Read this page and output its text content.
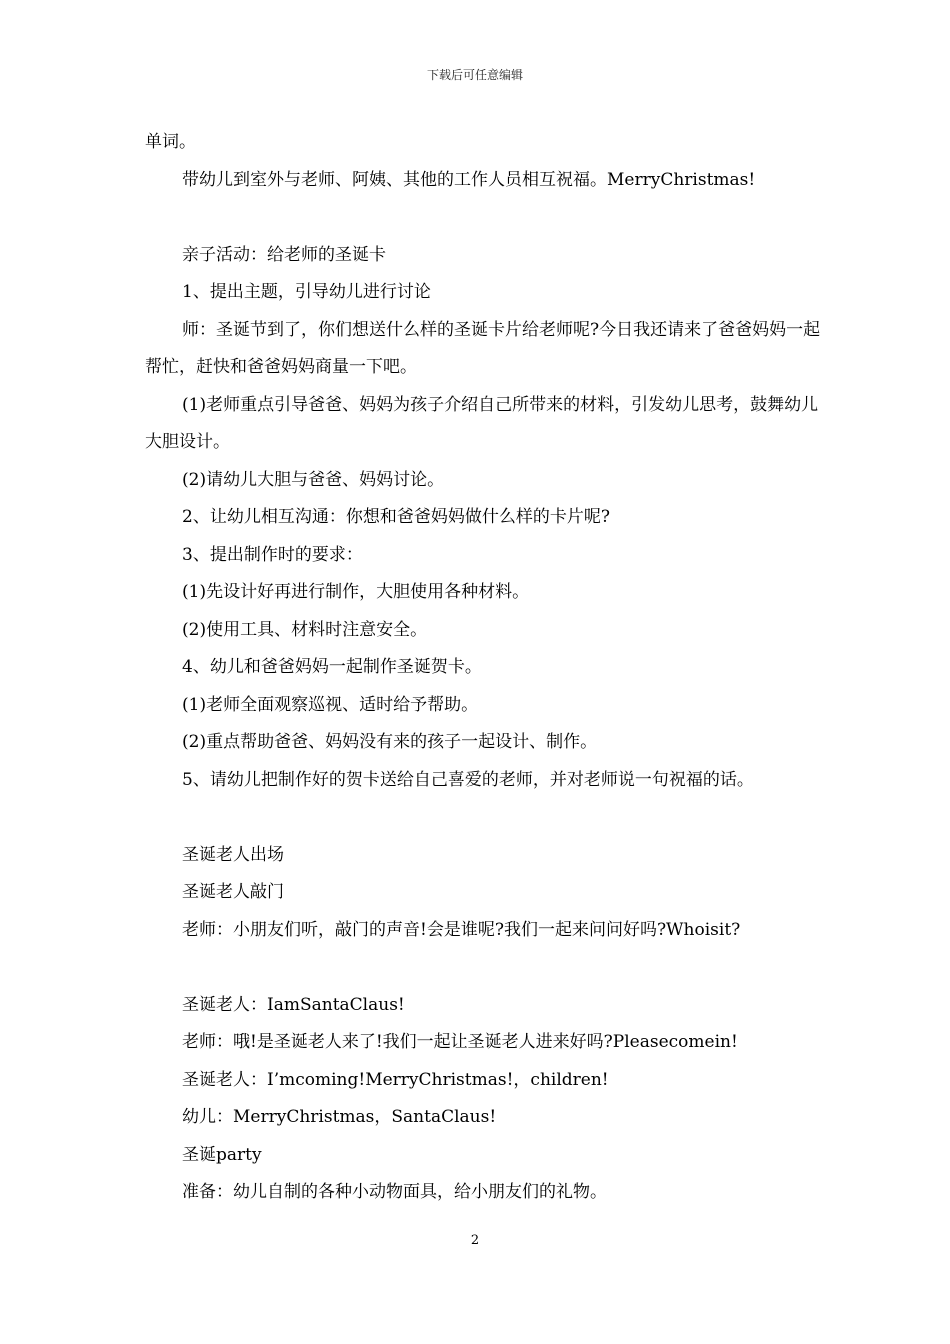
下载后可任意编辑

单词。

带幼儿到室外与老师、阿姨、其他的工作人员相互祝福。MerryChristmas!

亲子活动：给老师的圣诞卡

1、提出主题，引导幼儿进行讨论

师：圣诞节到了，你们想送什么样的圣诞卡片给老师呢?今日我还请来了爸爸妈妈一起帮忙，赶快和爸爸妈妈商量一下吧。

(1)老师重点引导爸爸、妈妈为孩子介绍自己所带来的材料，引发幼儿思考，鼓舞幼儿大胆设计。

(2)请幼儿大胆与爸爸、妈妈讨论。

2、让幼儿相互沟通：你想和爸爸妈妈做什么样的卡片呢?

3、提出制作时的要求：

(1)先设计好再进行制作，大胆使用各种材料。

(2)使用工具、材料时注意安全。

4、幼儿和爸爸妈妈一起制作圣诞贺卡。

(1)老师全面观察巡视、适时给予帮助。

(2)重点帮助爸爸、妈妈没有来的孩子一起设计、制作。

5、请幼儿把制作好的贺卡送给自己喜爱的老师，并对老师说一句祝福的话。

圣诞老人出场

圣诞老人敲门

老师：小朋友们听，敲门的声音!会是谁呢?我们一起来问问好吗?Whoisit?

圣诞老人：IamSantaClaus!

老师：哦!是圣诞老人来了!我们一起让圣诞老人进来好吗?Pleasecomein!

圣诞老人：I’mcoming!MerryChristmas!，children!

幼儿：MerryChristmas，SantaClaus!

圣诞party

准备：幼儿自制的各种小动物面具，给小朋友们的礼物。

2
